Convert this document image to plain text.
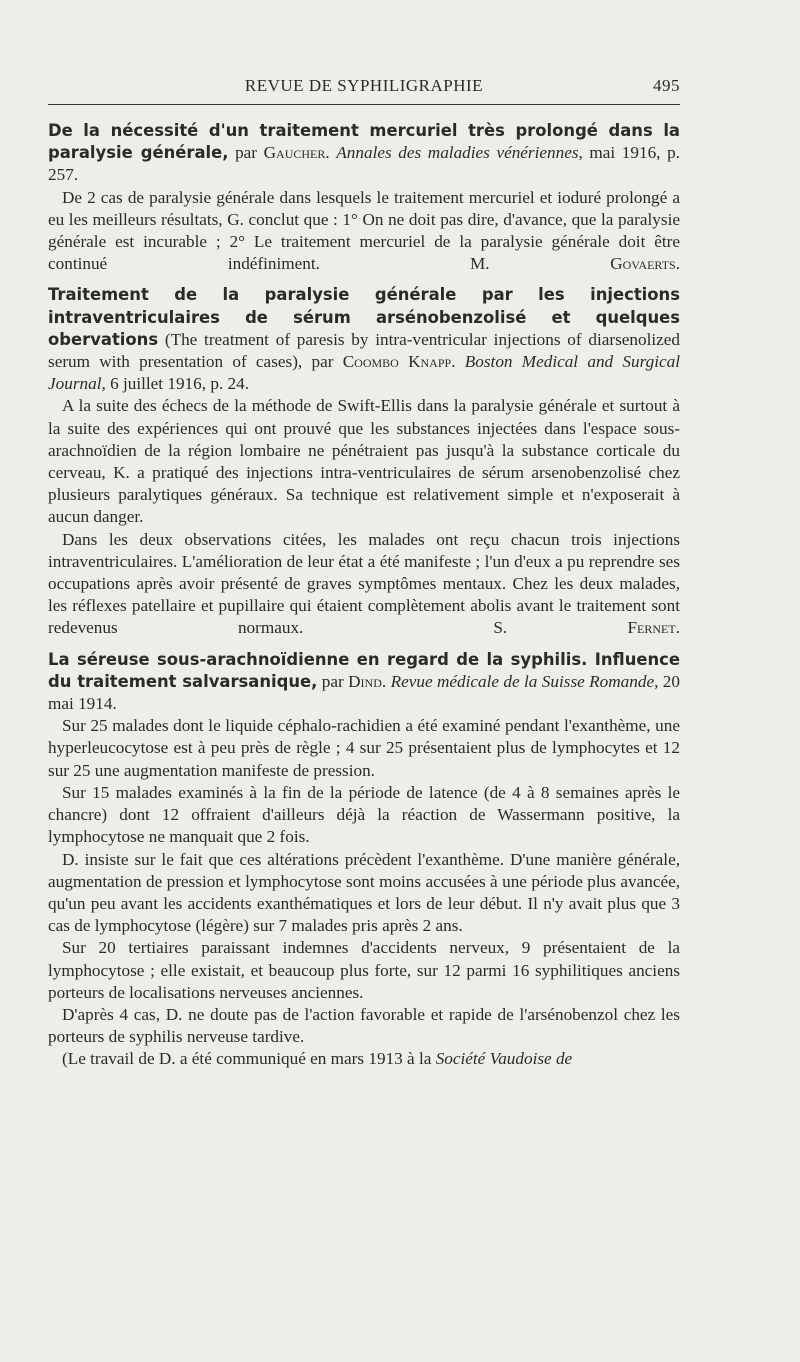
REVUE DE SYPHILIGRAPHIE	495

De la nécessité d'un traitement mercuriel très prolongé dans la paralysie générale, par Gaucher. Annales des maladies vénériennes, mai 1916, p. 257.

De 2 cas de paralysie générale dans lesquels le traitement mercuriel et ioduré prolongé a eu les meilleurs résultats, G. conclut que : 1° On ne doit pas dire, d'avance, que la paralysie générale est incurable ; 2° Le traitement mercuriel de la paralysie générale doit être continué indéfiniment.	M. Govaerts.

Traitement de la paralysie générale par les injections intraventriculaires de sérum arsénobenzolisé et quelques obervations (The treatment of paresis by intra-ventricular injections of diarsenolized serum with presentation of cases), par Coombo Knapp. Boston Medical and Surgical Journal, 6 juillet 1916, p. 24.

A la suite des échecs de la méthode de Swift-Ellis dans la paralysie générale et surtout à la suite des expériences qui ont prouvé que les substances injectées dans l'espace sous-arachnoïdien de la région lombaire ne pénétraient pas jusqu'à la substance corticale du cerveau, K. a pratiqué des injections intra-ventriculaires de sérum arsenobenzolisé chez plusieurs paralytiques généraux. Sa technique est relativement simple et n'exposerait à aucun danger.

Dans les deux observations citées, les malades ont reçu chacun trois injections intraventriculaires. L'amélioration de leur état a été manifeste ; l'un d'eux a pu reprendre ses occupations après avoir présenté de graves symptômes mentaux. Chez les deux malades, les réflexes patellaire et pupillaire qui étaient complètement abolis avant le traitement sont redevenus normaux.	S. Fernet.

La séreuse sous-arachnoïdienne en regard de la syphilis. Influence du traitement salvarsanique, par Dind. Revue médicale de la Suisse Romande, 20 mai 1914.

Sur 25 malades dont le liquide céphalo-rachidien a été examiné pendant l'exanthème, une hyperleucocytose est à peu près de règle ; 4 sur 25 présentaient plus de lymphocytes et 12 sur 25 une augmentation manifeste de pression.

Sur 15 malades examinés à la fin de la période de latence (de 4 à 8 semaines après le chancre) dont 12 offraient d'ailleurs déjà la réaction de Wassermann positive, la lymphocytose ne manquait que 2 fois.

D. insiste sur le fait que ces altérations précèdent l'exanthème. D'une manière générale, augmentation de pression et lymphocytose sont moins accusées à une période plus avancée, qu'un peu avant les accidents exanthématiques et lors de leur début. Il n'y avait plus que 3 cas de lymphocytose (légère) sur 7 malades pris après 2 ans.

Sur 20 tertiaires paraissant indemnes d'accidents nerveux, 9 présentaient de la lymphocytose ; elle existait, et beaucoup plus forte, sur 12 parmi 16 syphilitiques anciens porteurs de localisations nerveuses anciennes.

D'après 4 cas, D. ne doute pas de l'action favorable et rapide de l'arsénobenzol chez les porteurs de syphilis nerveuse tardive.

(Le travail de D. a été communiqué en mars 1913 à la Société Vaudoise de
